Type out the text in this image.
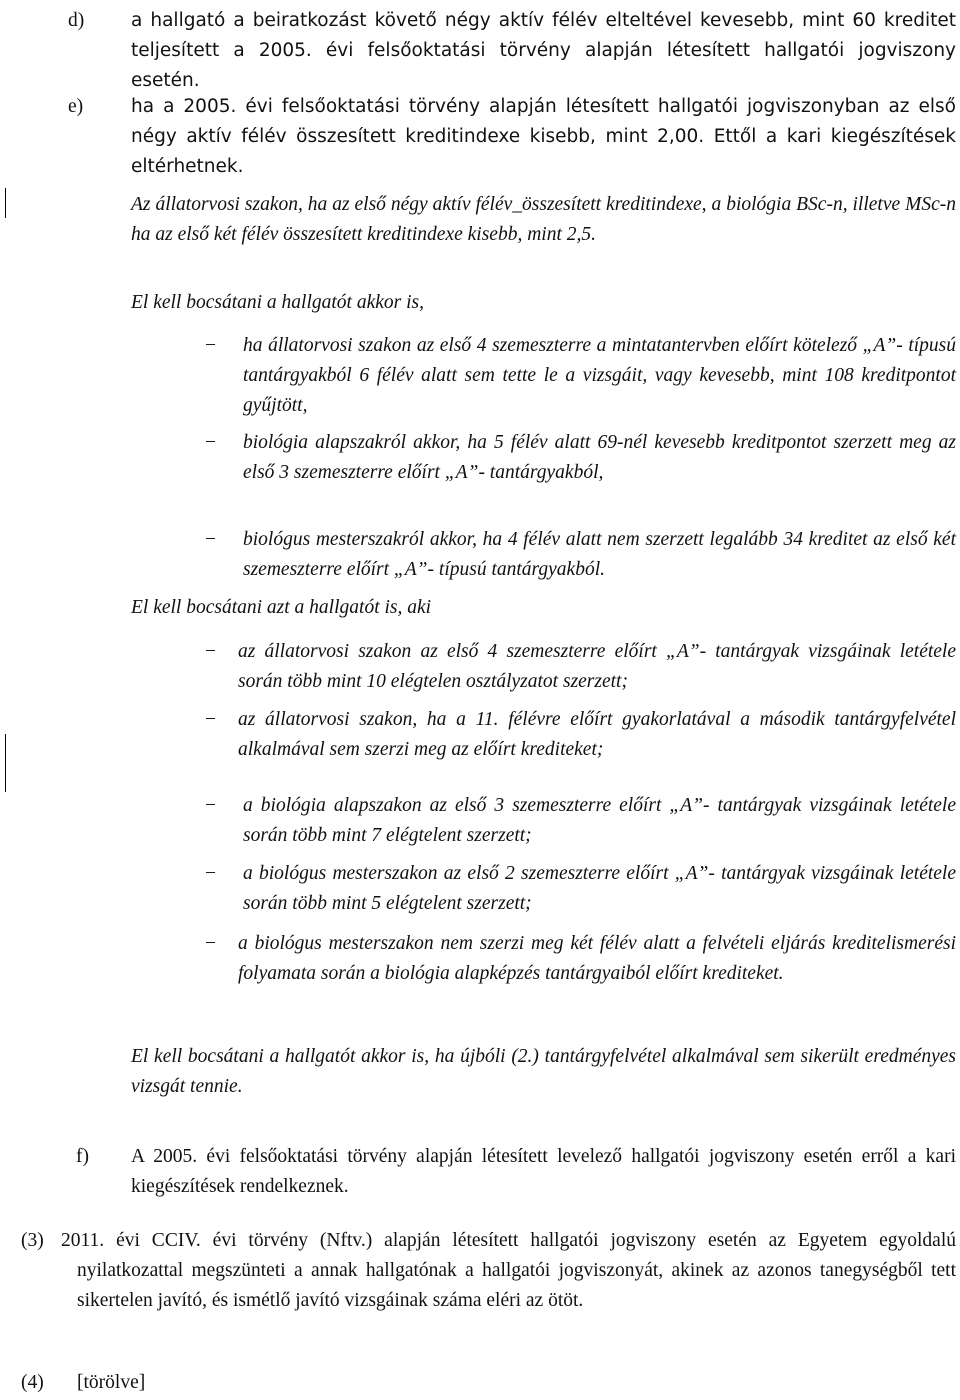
d)	a hallgató a beiratkozást követő négy aktív félév elteltével kevesebb, mint 60 kreditet teljesített a 2005. évi felsőoktatási törvény alapján létesített hallgatói jogviszony esetén.
e)	ha a 2005. évi felsőoktatási törvény alapján létesített hallgatói jogviszonyban az első négy aktív félév összesített kreditindexe kisebb, mint 2,00. Ettől a kari kiegészítések eltérhetnek.
Az állatorvosi szakon, ha az első négy aktív félév_összesített kreditindexe, a biológia BSc-n, illetve MSc-n ha az első két félév összesített kreditindexe kisebb, mint 2,5.
El kell bocsátani a hallgatót akkor is,
− ha állatorvosi szakon az első 4 szemeszterre a mintatantervben előírt kötelező „A”- típusú tantárgyakból 6 félév alatt sem tette le a vizsgáit, vagy kevesebb, mint 108 kreditpontot gyűjtött,
− biológia alapszakról akkor, ha 5 félév alatt 69-nél kevesebb kreditpontot szerzett meg az első 3 szemeszterre előírt „A”- tantárgyakból,
− biológus mesterszakról akkor, ha 4 félév alatt nem szerzett legalább 34 kreditet az első két szemeszterre előírt „A”- típusú tantárgyakból.
El kell bocsátani azt a hallgatót is, aki
− az állatorvosi szakon az első 4 szemeszterre előírt „A”- tantárgyak vizsgáinak letétele során több mint 10 elégtelen osztályzatot szerzett;
− az állatorvosi szakon, ha a 11. félévre előírt gyakorlatával a második tantárgyfelvétel alkalmával sem szerzi meg az előírt krediteket;
− a biológia alapszakon az első 3 szemeszterre előírt „A”- tantárgyak vizsgáinak letétele során több mint 7 elégtelent szerzett;
− a biológus mesterszakon az első 2 szemeszterre előírt „A”- tantárgyak vizsgáinak letétele során több mint 5 elégtelent szerzett;
− a biológus mesterszakon nem szerzi meg két félév alatt a felvételi eljárás kreditelismerési folyamata során a biológia alapképzés tantárgyaiból előírt krediteket.
El kell bocsátani a hallgatót akkor is, ha újbóli (2.) tantárgyfelvétel alkalmával sem sikerült eredményes vizsgát tennie.
f) A 2005. évi felsőoktatási törvény alapján létesített levelező hallgatói jogviszony esetén erről a kari kiegészítések rendelkeznek.
(3) 2011. évi CCIV. évi törvény (Nftv.) alapján létesített hallgatói jogviszony esetén az Egyetem egyoldalú nyilatkozattal megszünteti a annak hallgatónak a hallgatói jogviszonyát, akinek az azonos tanegységből tett sikertelen javító, és ismétlő javító vizsgáinak száma eléri az ötöt.
(4) [törölve]
